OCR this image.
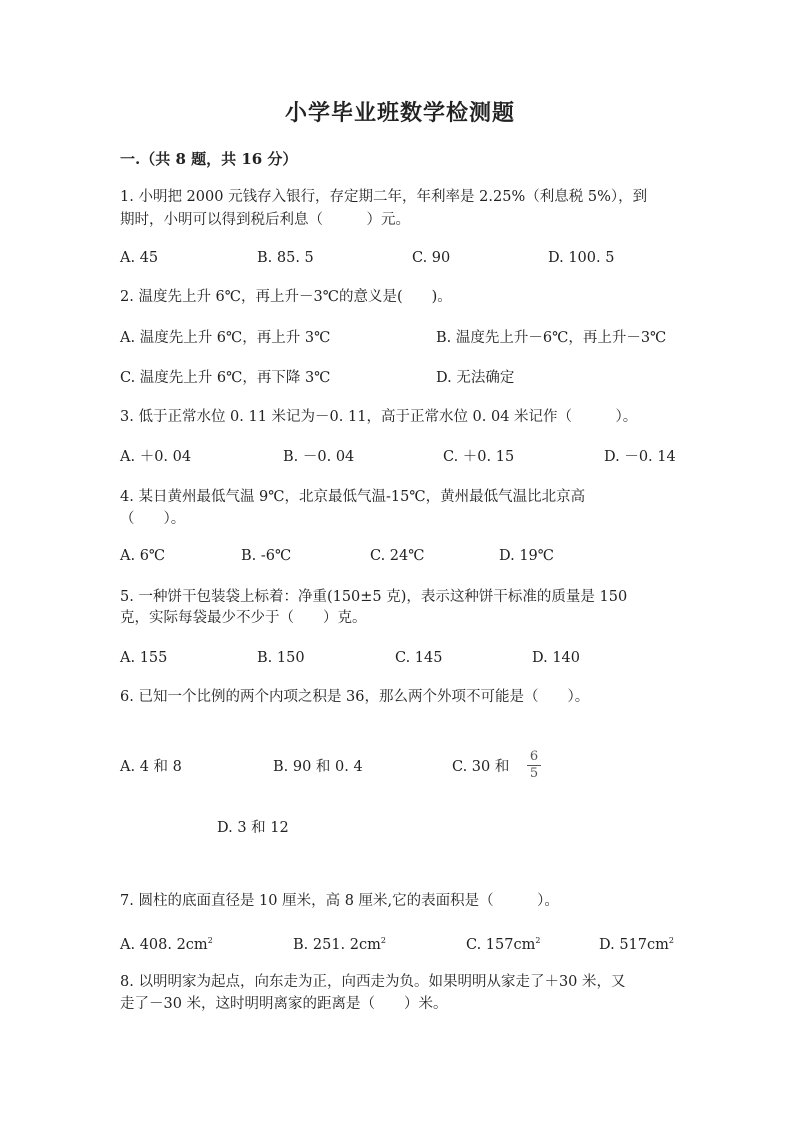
小学毕业班数学检测题
一.（共 8 题，共 16 分）
1. 小明把 2000 元钱存入银行，存定期二年，年利率是 2.25%（利息税 5%），到
期时，小明可以得到税后利息（　　　）元。
A. 45	B. 85. 5	C. 90	D. 100. 5
2. 温度先上升 6℃，再上升－3℃的意义是(　　)。
A. 温度先上升 6℃，再上升 3℃	B. 温度先上升－6℃，再上升－3℃
C. 温度先上升 6℃，再下降 3℃	D. 无法确定
3. 低于正常水位 0. 11 米记为－0. 11，高于正常水位 0. 04 米记作（　　　）。
A. ＋0. 04	B. －0. 04	C. ＋0. 15	D. －0. 14
4. 某日黄州最低气温 9℃，北京最低气温-15℃，黄州最低气温比北京高
（　　）。
A. 6℃	B. -6℃	C. 24℃	D. 19℃
5. 一种饼干包装袋上标着：净重(150±5 克)，表示这种饼干标准的质量是 150
克，实际每袋最少不少于（　　）克。
A. 155	B. 150	C. 145	D. 140
6. 已知一个比例的两个内项之积是 36，那么两个外项不可能是（　　）。
A. 4 和 8	B. 90 和 0. 4	C. 30 和
6
5
D. 3 和 12
7. 圆柱的底面直径是 10 厘米，高 8 厘米,它的表面积是（　　　）。
A. 408. $2cm^2$	B. 251. $2cm^2$	C. $157cm^2$	D. $517cm^2$
8. 以明明家为起点，向东走为正，向西走为负。如果明明从家走了＋30 米，又
走了－30 米，这时明明离家的距离是（　　）米。
